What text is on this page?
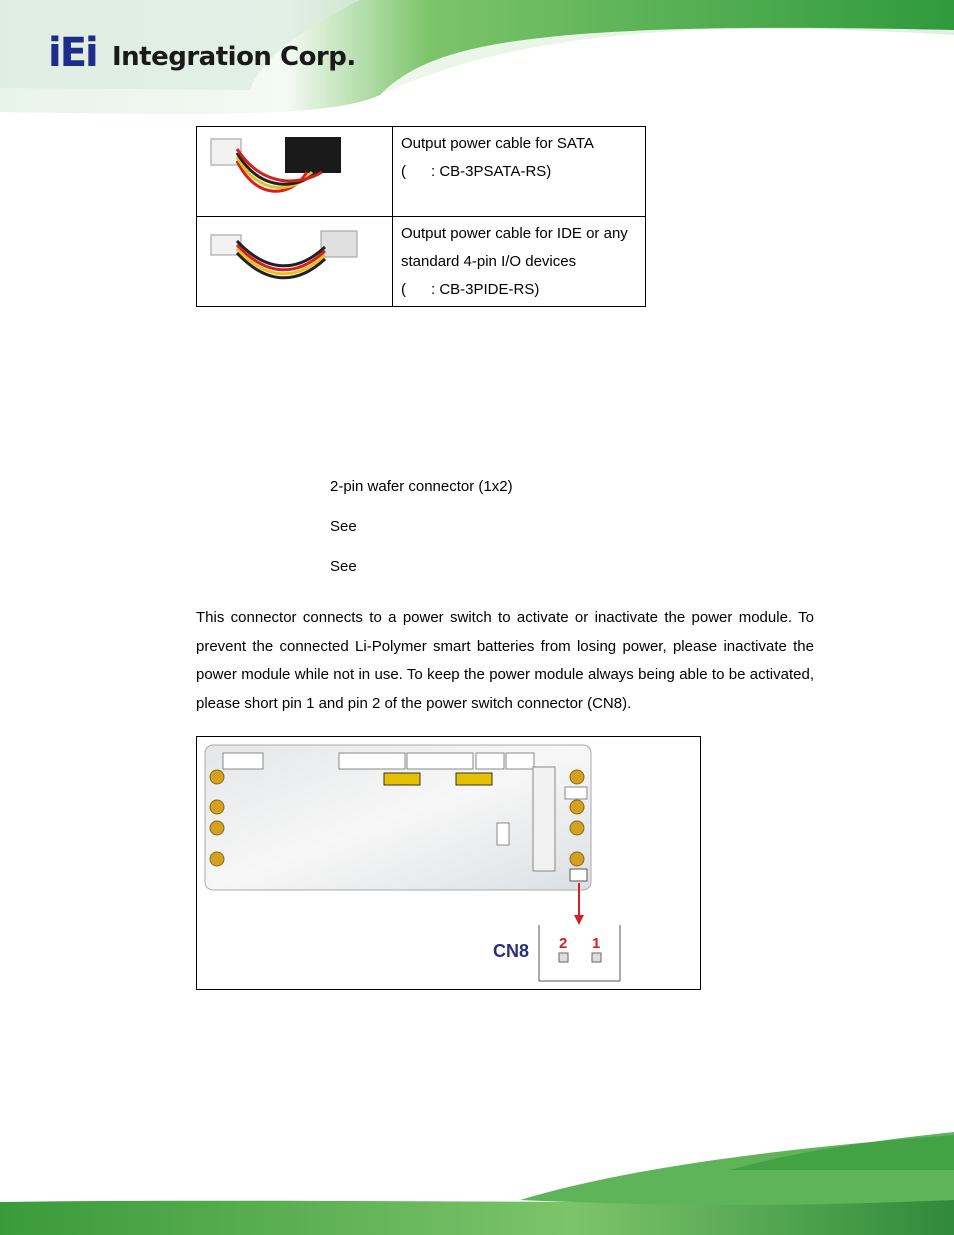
iEi Integration Corp.

Output power cable for SATA
(      : CB-3PSATA-RS)

Output power cable for IDE or any
standard 4-pin I/O devices
(      : CB-3PIDE-RS)
2-pin wafer connector (1x2)
See
See
This connector connects to a power switch to activate or inactivate the power module. To prevent the connected Li-Polymer smart batteries from losing power, please inactivate the power module while not in use. To keep the power module always being able to be activated, please short pin 1 and pin 2 of the power switch connector (CN8).
CN8 2 1
